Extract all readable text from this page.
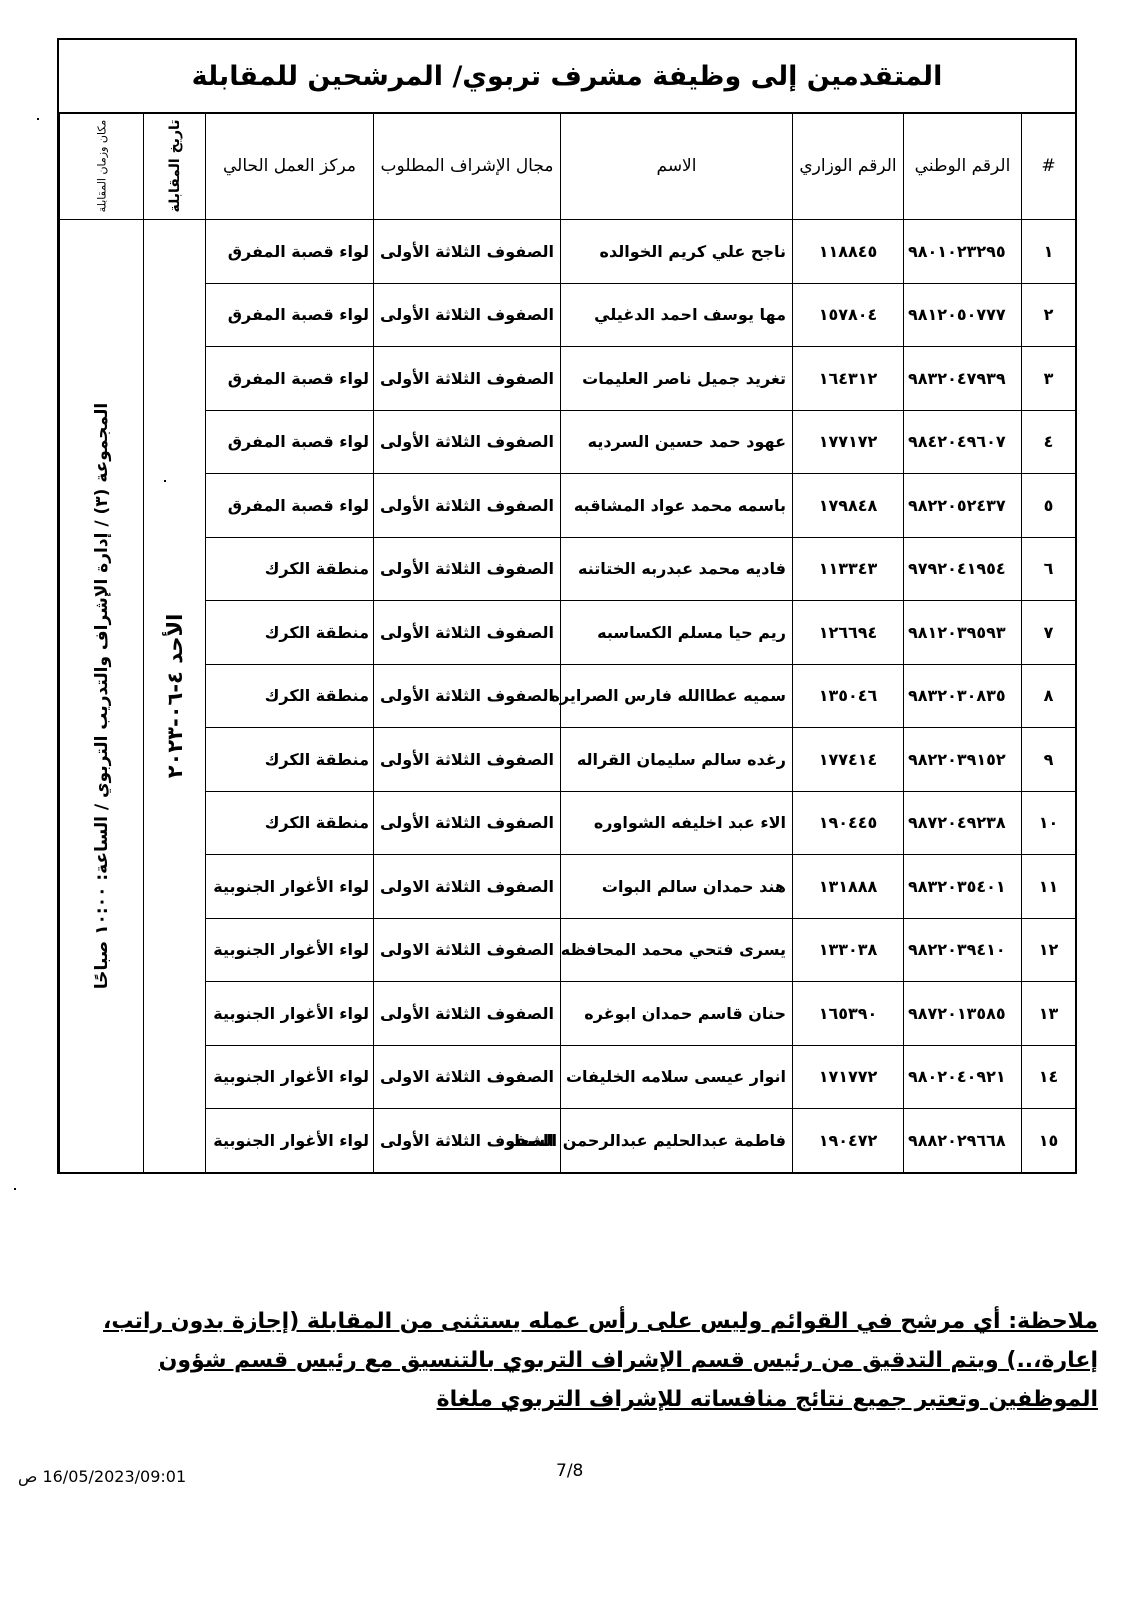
المتقدمين إلى وظيفة مشرف تربوي/ المرشحين للمقابلة
#	الرقم الوطني	الرقم الوزاري	الاسم	مجال الإشراف المطلوب	مركز العمل الحالي	تاريخ المقابلة	مكان وزمان المقابلة

١	٩٨٠١٠٢٣٢٩٥	١١٨٨٤٥	ناجح علي كريم الخوالده	الصفوف الثلاثة الأولى	لواء قصبة المفرق	الأحد ٤-٠٦-٢٠٢٣	المجموعة (٣) / إدارة الإشراف والتدريب التربوي / الساعة: ١٠:٠٠ صباحًا

٢	٩٨١٢٠٥٠٧٧٧	١٥٧٨٠٤	مها يوسف احمد الدغيلي	الصفوف الثلاثة الأولى	لواء قصبة المفرق		
٣	٩٨٣٢٠٤٧٩٣٩	١٦٤٣١٢	تغريد جميل ناصر العليمات	الصفوف الثلاثة الأولى	لواء قصبة المفرق		
٤	٩٨٤٢٠٤٩٦٠٧	١٧٧١٧٢	عهود حمد حسين السرديه	الصفوف الثلاثة الأولى	لواء قصبة المفرق		
٥	٩٨٢٢٠٥٢٤٣٧	١٧٩٨٤٨	باسمه محمد عواد المشاقبه	الصفوف الثلاثة الأولى	لواء قصبة المفرق		
٦	٩٧٩٢٠٤١٩٥٤	١١٣٣٤٣	فاديه محمد عبدربه الختاتنه	الصفوف الثلاثة الأولى	منطقة الكرك		
٧	٩٨١٢٠٣٩٥٩٣	١٢٦٦٩٤	ريم حيا مسلم الكساسبه	الصفوف الثلاثة الأولى	منطقة الكرك		
٨	٩٨٣٢٠٣٠٨٣٥	١٣٥٠٤٦	سميه عطاالله فارس الصرايره	الصفوف الثلاثة الأولى	منطقة الكرك		
٩	٩٨٢٢٠٣٩١٥٢	١٧٧٤١٤	رغده سالم سليمان القراله	الصفوف الثلاثة الأولى	منطقة الكرك		
١٠	٩٨٧٢٠٤٩٢٣٨	١٩٠٤٤٥	الاء عبد اخليفه الشواوره	الصفوف الثلاثة الأولى	منطقة الكرك		
١١	٩٨٣٢٠٣٥٤٠١	١٣١٨٨٨	هند حمدان سالم البوات	الصفوف الثلاثة الاولى	لواء الأغوار الجنوبية		
١٢	٩٨٢٢٠٣٩٤١٠	١٣٣٠٣٨	يسرى فتحي محمد المحافظه	الصفوف الثلاثة الاولى	لواء الأغوار الجنوبية		
١٣	٩٨٧٢٠١٣٥٨٥	١٦٥٣٩٠	حنان قاسم حمدان ابوغره	الصفوف الثلاثة الأولى	لواء الأغوار الجنوبية		
١٤	٩٨٠٢٠٤٠٩٢١	١٧١٧٧٢	انوار عيسى سلامه الخليفات	الصفوف الثلاثة الاولى	لواء الأغوار الجنوبية		
١٥	٩٨٨٢٠٢٩٦٦٨	١٩٠٤٧٢	فاطمة عبدالحليم عبدالرحمن الشعار	الصفوف الثلاثة الأولى	لواء الأغوار الجنوبية		
ملاحظة: أي مرشح في القوائم وليس على رأس عمله يستثنى من المقابلة (إجازة بدون راتب، إعارة،..) ويتم التدقيق من رئيس قسم الإشراف التربوي بالتنسيق مع رئيس قسم شؤون الموظفين وتعتبر جميع نتائج منافساته للإشراف التربوي ملغاة
16/05/2023/09:01 ص	7/8
